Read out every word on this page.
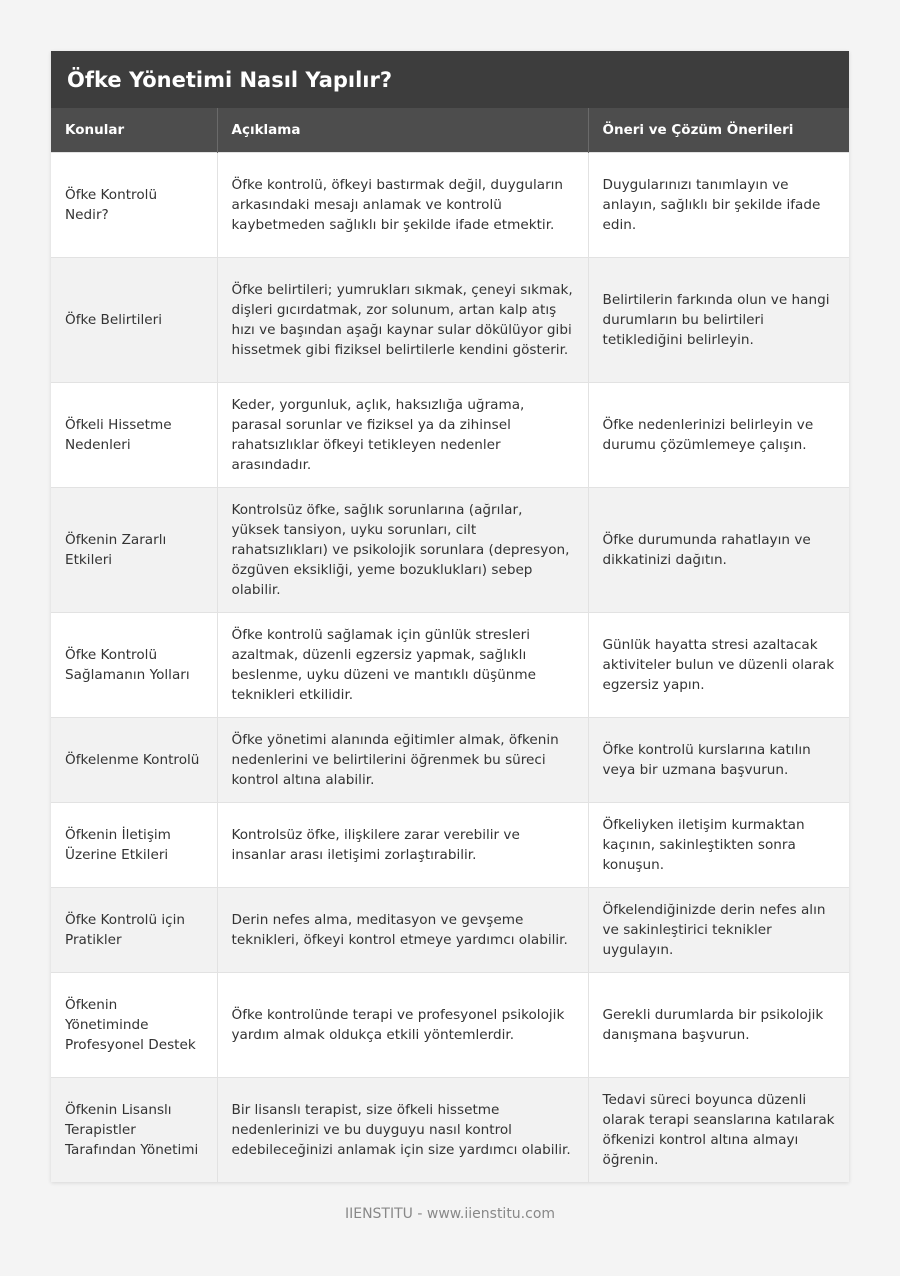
Öfke Yönetimi Nasıl Yapılır?
Konular	Açıklama	Öneri ve Çözüm Önerileri
Öfke Kontrolü Nedir?	Öfke kontrolü, öfkeyi bastırmak değil, duyguların arkasındaki mesajı anlamak ve kontrolü kaybetmeden sağlıklı bir şekilde ifade etmektir.	Duygularınızı tanımlayın ve anlayın, sağlıklı bir şekilde ifade edin.
Öfke Belirtileri	Öfke belirtileri; yumrukları sıkmak, çeneyi sıkmak, dişleri gıcırdatmak, zor solunum, artan kalp atış hızı ve başından aşağı kaynar sular dökülüyor gibi hissetmek gibi fiziksel belirtilerle kendini gösterir.	Belirtilerin farkında olun ve hangi durumların bu belirtileri tetiklediğini belirleyin.
Öfkeli Hissetme Nedenleri	Keder, yorgunluk, açlık, haksızlığa uğrama, parasal sorunlar ve fiziksel ya da zihinsel rahatsızlıklar öfkeyi tetikleyen nedenler arasındadır.	Öfke nedenlerinizi belirleyin ve durumu çözümlemeye çalışın.
Öfkenin Zararlı Etkileri	Kontrolsüz öfke, sağlık sorunlarına (ağrılar, yüksek tansiyon, uyku sorunları, cilt rahatsızlıkları) ve psikolojik sorunlara (depresyon, özgüven eksikliği, yeme bozuklukları) sebep olabilir.	Öfke durumunda rahatlayın ve dikkatinizi dağıtın.
Öfke Kontrolü Sağlamanın Yolları	Öfke kontrolü sağlamak için günlük stresleri azaltmak, düzenli egzersiz yapmak, sağlıklı beslenme, uyku düzeni ve mantıklı düşünme teknikleri etkilidir.	Günlük hayatta stresi azaltacak aktiviteler bulun ve düzenli olarak egzersiz yapın.
Öfkelenme Kontrolü	Öfke yönetimi alanında eğitimler almak, öfkenin nedenlerini ve belirtilerini öğrenmek bu süreci kontrol altına alabilir.	Öfke kontrolü kurslarına katılın veya bir uzmana başvurun.
Öfkenin İletişim Üzerine Etkileri	Kontrolsüz öfke, ilişkilere zarar verebilir ve insanlar arası iletişimi zorlaştırabilir.	Öfkeliyken iletişim kurmaktan kaçının, sakinleştikten sonra konuşun.
Öfke Kontrolü için Pratikler	Derin nefes alma, meditasyon ve gevşeme teknikleri, öfkeyi kontrol etmeye yardımcı olabilir.	Öfkelendiğinizde derin nefes alın ve sakinleştirici teknikler uygulayın.
Öfkenin Yönetiminde Profesyonel Destek	Öfke kontrolünde terapi ve profesyonel psikolojik yardım almak oldukça etkili yöntemlerdir.	Gerekli durumlarda bir psikolojik danışmana başvurun.
Öfkenin Lisanslı Terapistler Tarafından Yönetimi	Bir lisanslı terapist, size öfkeli hissetme nedenlerinizi ve bu duyguyu nasıl kontrol edebileceğinizi anlamak için size yardımcı olabilir.	Tedavi süreci boyunca düzenli olarak terapi seanslarına katılarak öfkenizi kontrol altına almayı öğrenin.
IIENSTITU - www.iienstitu.com
